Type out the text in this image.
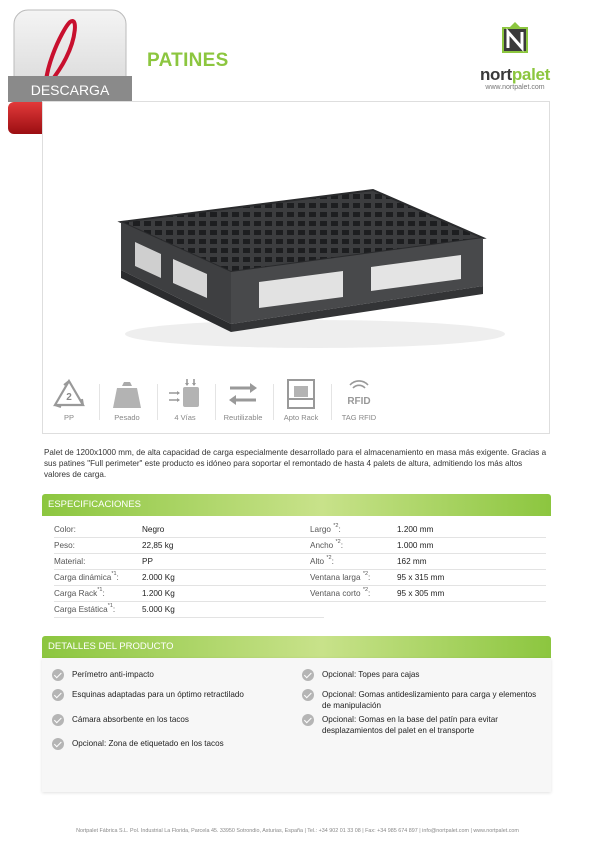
DESCARGA
PATINES
nortpalet
www.nortpalet.com
2
PP	Pesado	4 Vías	Reutilizable	Apto Rack
RFID
TAG RFID
Palet de 1200x1000 mm, de alta capacidad de carga especialmente desarrollado para el almacenamiento en masa más exigente. Gracias a sus patines "Full perimeter" este producto es idóneo para soportar el remontado de hasta 4 palets de altura, admitiendo los más altos valores de carga.
ESPECIFICACIONES
Color:	Negro
Peso:	22,85 kg
Material:	PP
Carga dinámica$^{*1}$:	2.000 Kg
Carga Rack$^{*1}$:	1.200 Kg
Carga Estática$^{*1}$:	5.000 Kg
Largo $^{*2}$:	1.200 mm
Ancho $^{*2}$:	1.000 mm
Alto $^{*2}$:	162 mm
Ventana larga $^{*2}$:	95 x 315 mm
Ventana corto $^{*2}$:	95 x 305 mm
DETALLES DEL PRODUCTO
Perímetro anti-impacto
Esquinas adaptadas para un óptimo retractilado
Cámara absorbente en los tacos
Opcional: Zona de etiquetado en los tacos
Opcional: Topes para cajas
Opcional: Gomas antideslizamiento para carga y elementos de manipulación
Opcional: Gomas en la base del patín para evitar desplazamientos del palet en el transporte
Nortpalet Fábrica S.L. Pol. Industrial La Florida, Parcela 45. 33950 Sotrondio, Asturias, España | Tel.: +34 902 01 33 08 | Fax: +34 985 674 897 | info@nortpalet.com | www.nortpalet.com
